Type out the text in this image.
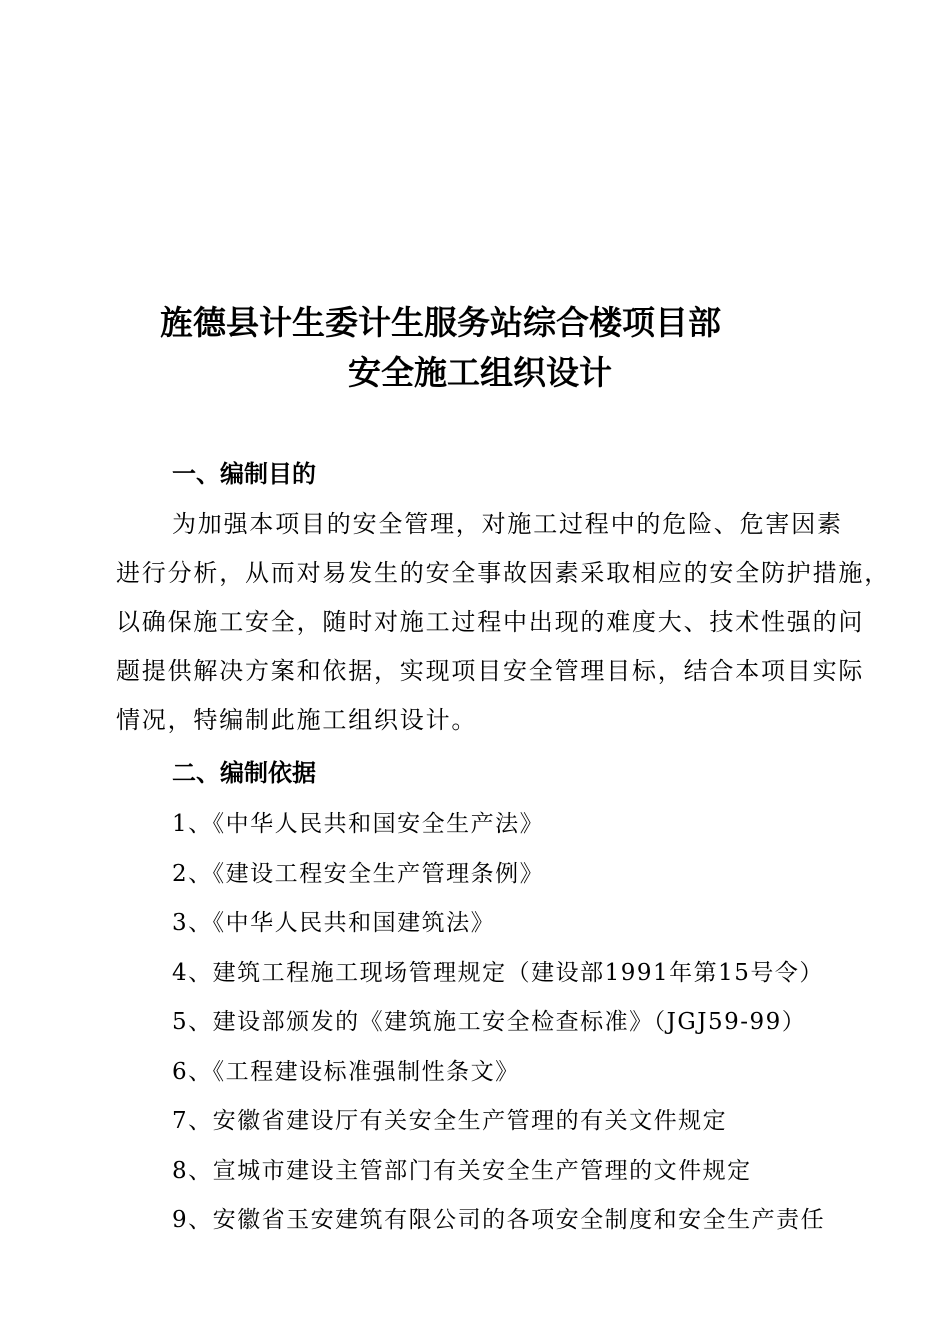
旌德县计生委计生服务站综合楼项目部
安全施工组织设计
一、编制目的
为加强本项目的安全管理，对施工过程中的危险、危害因素
进行分析，从而对易发生的安全事故因素采取相应的安全防护措施，
以确保施工安全，随时对施工过程中出现的难度大、技术性强的问
题提供解决方案和依据，实现项目安全管理目标，结合本项目实际
情况，特编制此施工组织设计。
二、编制依据
1、《中华人民共和国安全生产法》
2、《建设工程安全生产管理条例》
3、《中华人民共和国建筑法》
4、建筑工程施工现场管理规定（建设部1991年第15号令）
5、建设部颁发的《建筑施工安全检查标准》（JGJ59-99）
6、《工程建设标准强制性条文》
7、安徽省建设厅有关安全生产管理的有关文件规定
8、宣城市建设主管部门有关安全生产管理的文件规定
9、安徽省玉安建筑有限公司的各项安全制度和安全生产责任
